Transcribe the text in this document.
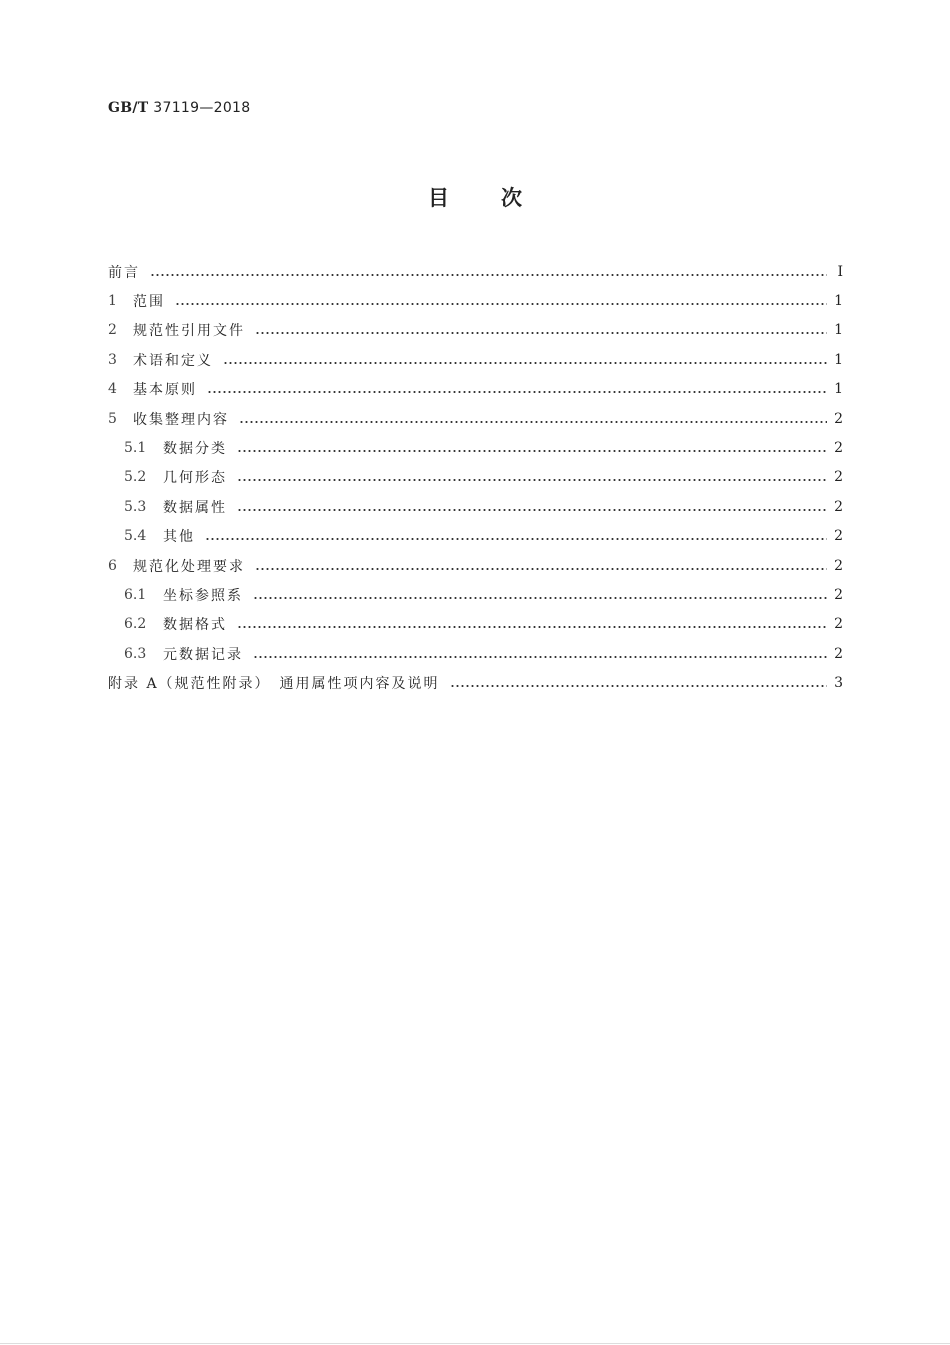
GB/T 37119—2018
目 次
前言	Ⅰ
1	范围	1
2	规范性引用文件	1
3	术语和定义	1
4	基本原则	1
5	收集整理内容	2
5.1	数据分类	2
5.2	几何形态	2
5.3	数据属性	2
5.4	其他	2
6	规范化处理要求	2
6.1	坐标参照系	2
6.2	数据格式	2
6.3	元数据记录	2
附录 A（规范性附录）　通用属性项内容及说明	3
